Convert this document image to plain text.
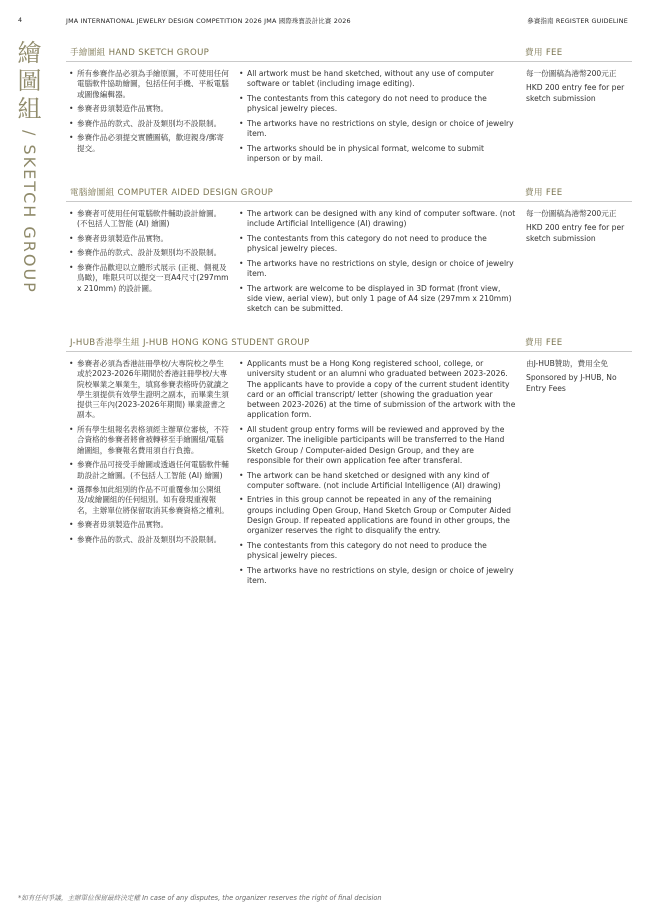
4	JMA INTERNATIONAL JEWELRY DESIGN COMPETITION 2026 JMA 國際珠寶設計比賽 2026	參賽指南 REGISTER GUIDELINE
繪圖組
/ SKETCH GROUP
手繪圖組 HAND SKETCH GROUP	費用 FEE
• 所有參賽作品必須為手繪原圖，不可使用任何電腦軟件協助繪圖，包括任何手機、平板電腦或圖像編輯器。
• 參賽者毋須製造作品實物。
• 參賽作品的款式、設計及類別均不設限制。
• 參賽作品必須提交實體圖稿，歡迎親身/郵寄提交。
• All artwork must be hand sketched, without any use of computer software or tablet (including image editing).
• The contestants from this category do not need to produce the physical jewelry pieces.
• The artworks have no restrictions on style, design or choice of jewelry item.
• The artworks should be in physical format, welcome to submit inperson or by mail.
每一份圖稿為港幣200元正
HKD 200 entry fee for per sketch submission
電腦繪圖組 COMPUTER AIDED DESIGN GROUP	費用 FEE
• 參賽者可使用任何電腦軟件輔助設計繪圖。(不包括人工智能 (AI) 繪圖)
• 參賽者毋須製造作品實物。
• 參賽作品的款式、設計及類別均不設限制。
• 參賽作品歡迎以立體形式展示 (正視、側視及鳥瞰)，唯限只可以提交一頁A4尺寸(297mm x 210mm) 的設計圖。
• The artwork can be designed with any kind of computer software. (not include Artificial Intelligence (AI) drawing)
• The contestants from this category do not need to produce the physical jewelry pieces.
• The artworks have no restrictions on style, design or choice of jewelry item.
• The artwork are welcome to be displayed in 3D format (front view, side view, aerial view), but only 1 page of A4 size (297mm x 210mm) sketch can be submitted.
每一份圖稿為港幣200元正
HKD 200 entry fee for per sketch submission
J-HUB香港學生組 J-HUB HONG KONG STUDENT GROUP	費用 FEE
• 參賽者必須為香港註冊學校/大專院校之學生或於2023-2026年期間於香港註冊學校/大專院校畢業之畢業生，填寫參賽表格時仍就讀之學生須提供有效學生證明之副本，而畢業生須提供三年內(2023-2026年期間) 畢業證書之副本。
• 所有學生組報名表格須經主辦單位審核，不符合資格的參賽者將會被轉移至手繪圖組/電腦繪圖組，參賽報名費用須自行負擔。
• 參賽作品可接受手繪圖或透過任何電腦軟件輔助設計之繪圖。(不包括人工智能 (AI) 繪圖)
• 選擇參加此組別的作品不可重覆參加公開組及/或繪圖組的任何組別。如有發現重複報名，主辦單位將保留取消其參賽資格之權利。
• 參賽者毋須製造作品實物。
• 參賽作品的款式、設計及類別均不設限制。
• Applicants must be a Hong Kong registered school, college, or university student or an alumni who graduated between 2023-2026. The applicants have to provide a copy of the current student identity card or an official transcript/ letter (showing the graduation year between 2023-2026) at the time of submission of the artwork with the application form.
• All student group entry forms will be reviewed and approved by the organizer. The ineligible participants will be transferred to the Hand Sketch Group / Computer-aided Design Group, and they are responsible for their own application fee after transferal.
• The artwork can be hand sketched or designed with any kind of computer software. (not include Artificial Intelligence (AI) drawing)
• Entries in this group cannot be repeated in any of the remaining groups including Open Group, Hand Sketch Group or Computer Aided Design Group. If repeated applications are found in other groups, the organizer reserves the right to disqualify the entry.
• The contestants from this category do not need to produce the physical jewelry pieces.
• The artworks have no restrictions on style, design or choice of jewelry item.
由J-HUB贊助，費用全免
Sponsored by J-HUB, No Entry Fees
*如有任何爭議，主辦單位保留最終決定權 In case of any disputes, the organizer reserves the right of final decision
